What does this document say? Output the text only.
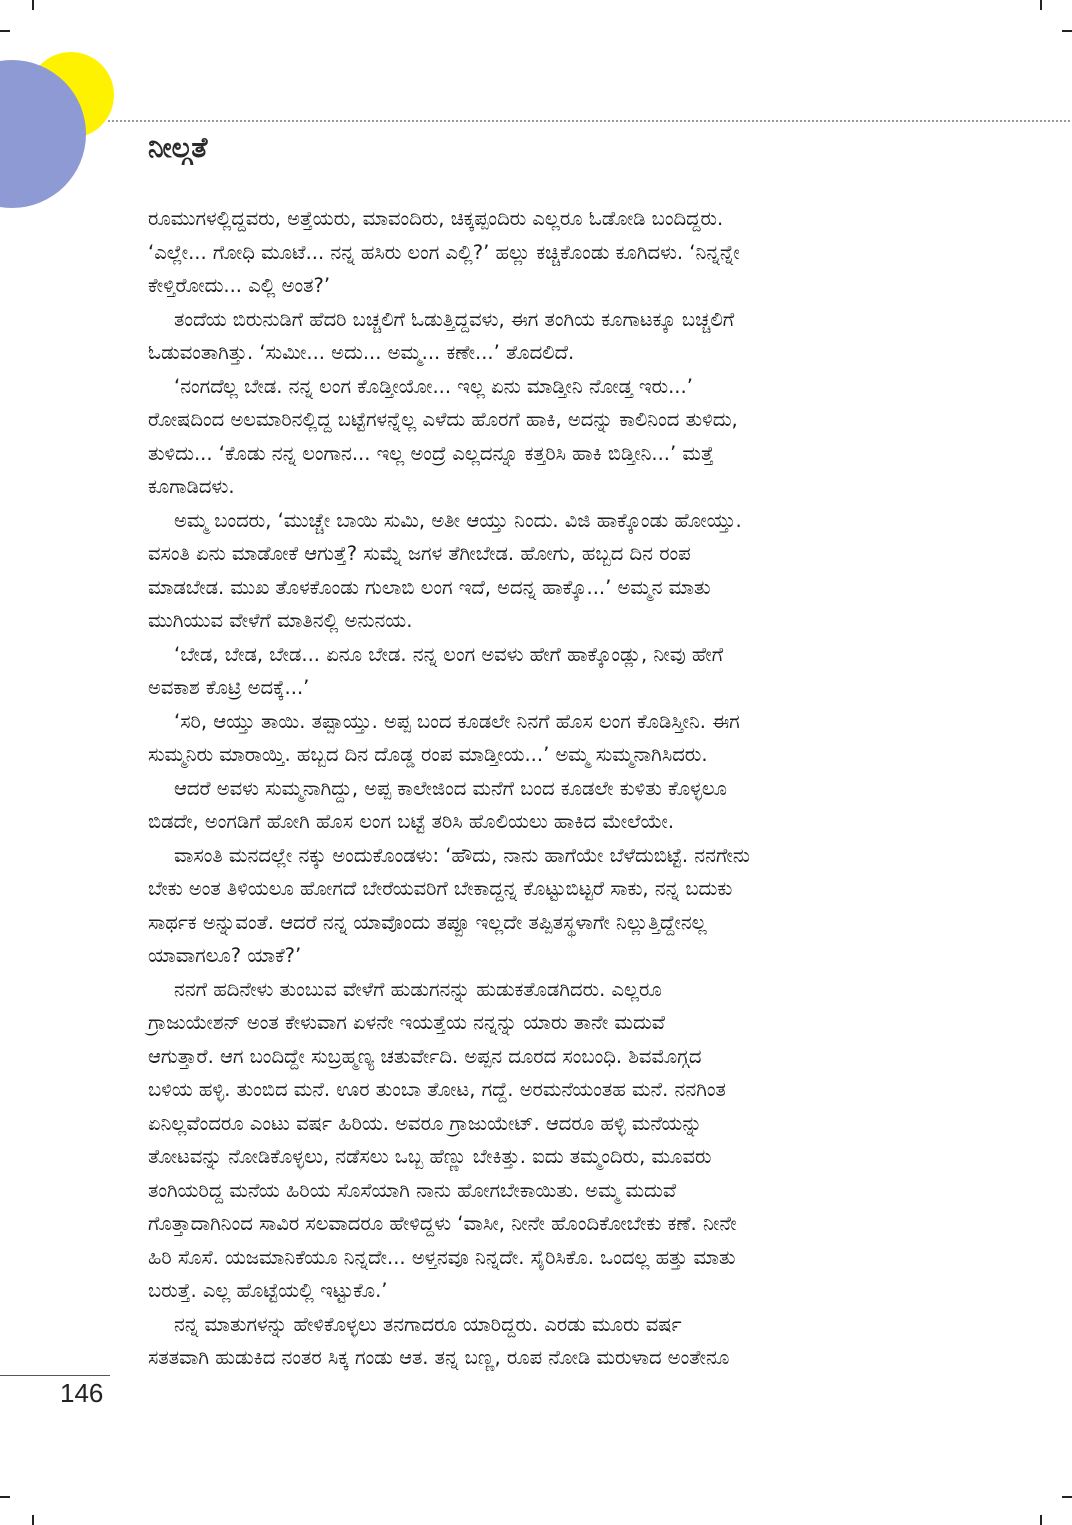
ನೀಲ್ಗತೆ

ರೂಮುಗಳಲ್ಲಿದ್ದವರು, ಅತ್ತೆಯರು, ಮಾವಂದಿರು, ಚಿಕ್ಕಪ್ಪಂದಿರು ಎಲ್ಲರೂ ಓಡೋಡಿ ಬಂದಿದ್ದರು.

‘ಎಲ್ಲೇ... ಗೋಧಿ ಮೂಟೆ... ನನ್ನ ಹಸಿರು ಲಂಗ ಎಲ್ಲಿ?’ ಹಲ್ಲು ಕಚ್ಚಿಕೊಂಡು ಕೂಗಿದಳು. ‘ನಿನ್ನನ್ನೇ

ಕೇಳ್ತಿರೋದು... ಎಲ್ಲಿ ಅಂತ?’

ತಂದೆಯ ಬಿರುನುಡಿಗೆ ಹೆದರಿ ಬಚ್ಚಲಿಗೆ ಓಡುತ್ತಿದ್ದವಳು, ಈಗ ತಂಗಿಯ ಕೂಗಾಟಕ್ಕೂ ಬಚ್ಚಲಿಗೆ

ಓಡುವಂತಾಗಿತ್ತು. ‘ಸುಮೀ... ಅದು... ಅಮ್ಮ... ಕಣೇ...’ ತೊದಲಿದೆ.

‘ನಂಗದೆಲ್ಲ ಬೇಡ. ನನ್ನ ಲಂಗ ಕೊಡ್ತೀಯೋ... ಇಲ್ಲ ಏನು ಮಾಡ್ತೀನಿ ನೋಡ್ತ ಇರು...’

ರೋಷದಿಂದ ಅಲಮಾರಿನಲ್ಲಿದ್ದ ಬಟ್ಟೆಗಳನ್ನೆಲ್ಲ ಎಳೆದು ಹೊರಗೆ ಹಾಕಿ, ಅದನ್ನು ಕಾಲಿನಿಂದ ತುಳಿದು,

ತುಳಿದು... ‘ಕೊಡು ನನ್ನ ಲಂಗಾನ... ಇಲ್ಲ ಅಂದ್ರೆ ಎಲ್ಲದನ್ನೂ ಕತ್ತರಿಸಿ ಹಾಕಿ ಬಿಡ್ತೀನಿ...’ ಮತ್ತೆ

ಕೂಗಾಡಿದಳು.

ಅಮ್ಮ ಬಂದರು, ‘ಮುಚ್ಚೇ ಬಾಯಿ ಸುಮಿ, ಅತೀ ಆಯ್ತು ನಿಂದು. ವಿಜಿ ಹಾಕ್ಕೊಂಡು ಹೋಯ್ತು.

ವಸಂತಿ ಏನು ಮಾಡೋಕೆ ಆಗುತ್ತೆ? ಸುಮ್ನೆ ಜಗಳ ತೆಗೀಬೇಡ. ಹೋಗು, ಹಬ್ಬದ ದಿನ ರಂಪ

ಮಾಡಬೇಡ. ಮುಖ ತೊಳಕೊಂಡು ಗುಲಾಬಿ ಲಂಗ ಇದೆ, ಅದನ್ನ ಹಾಕ್ಕೊ...’ ಅಮ್ಮನ ಮಾತು

ಮುಗಿಯುವ ವೇಳೆಗೆ ಮಾತಿನಲ್ಲಿ ಅನುನಯ.

‘ಬೇಡ, ಬೇಡ, ಬೇಡ... ಏನೂ ಬೇಡ. ನನ್ನ ಲಂಗ ಅವಳು ಹೇಗೆ ಹಾಕ್ಕೊಂಡ್ಲು, ನೀವು ಹೇಗೆ

ಅವಕಾಶ ಕೊಟ್ರಿ ಅದಕ್ಕೆ...’

‘ಸರಿ, ಆಯ್ತು ತಾಯಿ. ತಪ್ಪಾಯ್ತು. ಅಪ್ಪ ಬಂದ ಕೂಡಲೇ ನಿನಗೆ ಹೊಸ ಲಂಗ ಕೊಡಿಸ್ತೀನಿ. ಈಗ

ಸುಮ್ಮನಿರು ಮಾರಾಯ್ತಿ. ಹಬ್ಬದ ದಿನ ದೊಡ್ಡ ರಂಪ ಮಾಡ್ತೀಯ...’ ಅಮ್ಮ ಸುಮ್ಮನಾಗಿಸಿದರು.

ಆದರೆ ಅವಳು ಸುಮ್ಮನಾಗಿದ್ದು, ಅಪ್ಪ ಕಾಲೇಜಿಂದ ಮನೆಗೆ ಬಂದ ಕೂಡಲೇ ಕುಳಿತು ಕೊಳ್ಳಲೂ

ಬಿಡದೇ, ಅಂಗಡಿಗೆ ಹೋಗಿ ಹೊಸ ಲಂಗ ಬಟ್ಟೆ ತರಿಸಿ ಹೊಲಿಯಲು ಹಾಕಿದ ಮೇಲೆಯೇ.

ವಾಸಂತಿ ಮನದಲ್ಲೇ ನಕ್ಕು ಅಂದುಕೊಂಡಳು: ‘ಹೌದು, ನಾನು ಹಾಗೆಯೇ ಬೆಳೆದುಬಿಟ್ಟೆ. ನನಗೇನು

ಬೇಕು ಅಂತ ತಿಳಿಯಲೂ ಹೋಗದೆ ಬೇರೆಯವರಿಗೆ ಬೇಕಾದ್ದನ್ನ ಕೊಟ್ಟುಬಿಟ್ಟರೆ ಸಾಕು, ನನ್ನ ಬದುಕು

ಸಾರ್ಥಕ ಅನ್ನುವಂತೆ. ಆದರೆ ನನ್ನ ಯಾವೊಂದು ತಪ್ಪೂ ಇಲ್ಲದೇ ತಪ್ಪಿತಸ್ಥಳಾಗೇ ನಿಲ್ಲುತ್ತಿದ್ದೇನಲ್ಲ

ಯಾವಾಗಲೂ? ಯಾಕೆ?’

ನನಗೆ ಹದಿನೇಳು ತುಂಬುವ ವೇಳೆಗೆ ಹುಡುಗನನ್ನು ಹುಡುಕತೊಡಗಿದರು. ಎಲ್ಲರೂ

ಗ್ರಾಜುಯೇಶನ್ ಅಂತ ಕೇಳುವಾಗ ಏಳನೇ ಇಯತ್ತೆಯ ನನ್ನನ್ನು ಯಾರು ತಾನೇ ಮದುವೆ

ಆಗುತ್ತಾರೆ. ಆಗ ಬಂದಿದ್ದೇ ಸುಬ್ರಹ್ಮಣ್ಯ ಚತುರ್ವೇದಿ. ಅಪ್ಪನ ದೂರದ ಸಂಬಂಧಿ. ಶಿವಮೊಗ್ಗದ

ಬಳಿಯ ಹಳ್ಳಿ. ತುಂಬಿದ ಮನೆ. ಊರ ತುಂಬಾ ತೋಟ, ಗದ್ದೆ. ಅರಮನೆಯಂತಹ ಮನೆ. ನನಗಿಂತ

ಏನಿಲ್ಲವೆಂದರೂ ಎಂಟು ವರ್ಷ ಹಿರಿಯ. ಅವರೂ ಗ್ರಾಜುಯೇಟ್. ಆದರೂ ಹಳ್ಳಿ ಮನೆಯನ್ನು

ತೋಟವನ್ನು ನೋಡಿಕೊಳ್ಳಲು, ನಡೆಸಲು ಒಬ್ಬ ಹೆಣ್ಣು ಬೇಕಿತ್ತು. ಐದು ತಮ್ಮಂದಿರು, ಮೂವರು

ತಂಗಿಯರಿದ್ದ ಮನೆಯ ಹಿರಿಯ ಸೊಸೆಯಾಗಿ ನಾನು ಹೋಗಬೇಕಾಯಿತು. ಅಮ್ಮ ಮದುವೆ

ಗೊತ್ತಾದಾಗಿನಿಂದ ಸಾವಿರ ಸಲವಾದರೂ ಹೇಳಿದ್ದಳು ‘ವಾಸೀ, ನೀನೇ ಹೊಂದಿಕೋಬೇಕು ಕಣೆ. ನೀನೇ

ಹಿರಿ ಸೊಸೆ. ಯಜಮಾನಿಕೆಯೂ ನಿನ್ನದೇ... ಅಳ್ತನವೂ ನಿನ್ನದೇ. ಸೈರಿಸಿಕೊ. ಒಂದಲ್ಲ ಹತ್ತು ಮಾತು

ಬರುತ್ತೆ. ಎಲ್ಲ ಹೊಟ್ಟೆಯಲ್ಲಿ ಇಟ್ಟುಕೊ.’

ನನ್ನ ಮಾತುಗಳನ್ನು ಹೇಳಿಕೊಳ್ಳಲು ತನಗಾದರೂ ಯಾರಿದ್ದರು. ಎರಡು ಮೂರು ವರ್ಷ

ಸತತವಾಗಿ ಹುಡುಕಿದ ನಂತರ ಸಿಕ್ಕ ಗಂಡು ಆತ. ತನ್ನ ಬಣ್ಣ, ರೂಪ ನೋಡಿ ಮರುಳಾದ ಅಂತೇನೂ

146
